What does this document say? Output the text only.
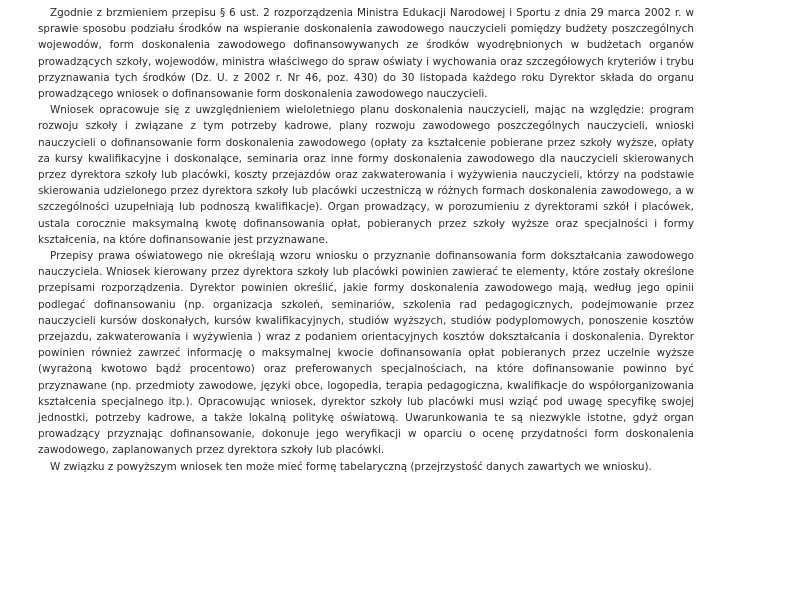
Zgodnie z brzmieniem przepisu § 6 ust. 2 rozporządzenia Ministra Edukacji Narodowej i Sportu z dnia 29 marca 2002 r. w sprawie sposobu podziału środków na wspieranie doskonalenia zawodowego nauczycieli pomiędzy budżety poszczególnych wojewodów, form doskonalenia zawodowego dofinansowywanych ze środków wyodrębnionych w budżetach organów prowadzących szkoły, wojewodów, ministra właściwego do spraw oświaty i wychowania oraz szczegółowych kryteriów i trybu przyznawania tych środków (Dz. U. z 2002 r. Nr 46, poz. 430) do 30 listopada każdego roku Dyrektor składa do organu prowadzącego wniosek o dofinansowanie form doskonalenia zawodowego nauczycieli.

Wniosek opracowuje się z uwzględnieniem wieloletniego planu doskonalenia nauczycieli, mając na względzie: program rozwoju szkoły i związane z tym potrzeby kadrowe, plany rozwoju zawodowego poszczególnych nauczycieli, wnioski nauczycieli o dofinansowanie form doskonalenia zawodowego (opłaty za kształcenie pobierane przez szkoły wyższe, opłaty za kursy kwalifikacyjne i doskonalące, seminaria oraz inne formy doskonalenia zawodowego dla nauczycieli skierowanych przez dyrektora szkoły lub placówki, koszty przejazdów oraz zakwaterowania i wyżywienia nauczycieli, którzy na podstawie skierowania udzielonego przez dyrektora szkoły lub placówki uczestniczą w różnych formach doskonalenia zawodowego, a w szczególności uzupełniają lub podnoszą kwalifikacje). Organ prowadzący, w porozumieniu z dyrektorami szkół i placówek, ustala corocznie maksymalną kwotę dofinansowania opłat, pobieranych przez szkoły wyższe oraz specjalności i formy kształcenia, na które dofinansowanie jest przyznawane.

Przepisy prawa oświatowego nie określają wzoru wniosku o przyznanie dofinansowania form dokształcania zawodowego nauczyciela. Wniosek kierowany przez dyrektora szkoły lub placówki powinien zawierać te elementy, które zostały określone przepisami rozporządzenia. Dyrektor powinien określić, jakie formy doskonalenia zawodowego mają, według jego opinii podlegać dofinansowaniu (np. organizacja szkoleń, seminariów, szkolenia rad pedagogicznych, podejmowanie przez nauczycieli kursów doskonałych, kursów kwalifikacyjnych, studiów wyższych, studiów podyplomowych, ponoszenie kosztów przejazdu, zakwaterowania i wyżywienia ) wraz z podaniem orientacyjnych kosztów dokształcania i doskonalenia. Dyrektor powinien również zawrzeć informację o maksymalnej kwocie dofinansowania opłat pobieranych przez uczelnie wyższe (wyrażoną kwotowo bądź procentowo) oraz preferowanych specjalnościach, na które dofinansowanie powinno być przyznawane (np. przedmioty zawodowe, języki obce, logopedia, terapia pedagogiczna, kwalifikacje do współorganizowania kształcenia specjalnego itp.). Opracowując wniosek, dyrektor szkoły lub placówki musi wziąć pod uwagę specyfikę swojej jednostki, potrzeby kadrowe, a także lokalną politykę oświatową. Uwarunkowania te są niezwykle istotne, gdyż organ prowadzący przyznając dofinansowanie, dokonuje jego weryfikacji w oparciu o ocenę przydatności form doskonalenia zawodowego, zaplanowanych przez dyrektora szkoły lub placówki.

W związku z powyższym wniosek ten może mieć formę tabelaryczną (przejrzystość danych zawartych we wniosku).
